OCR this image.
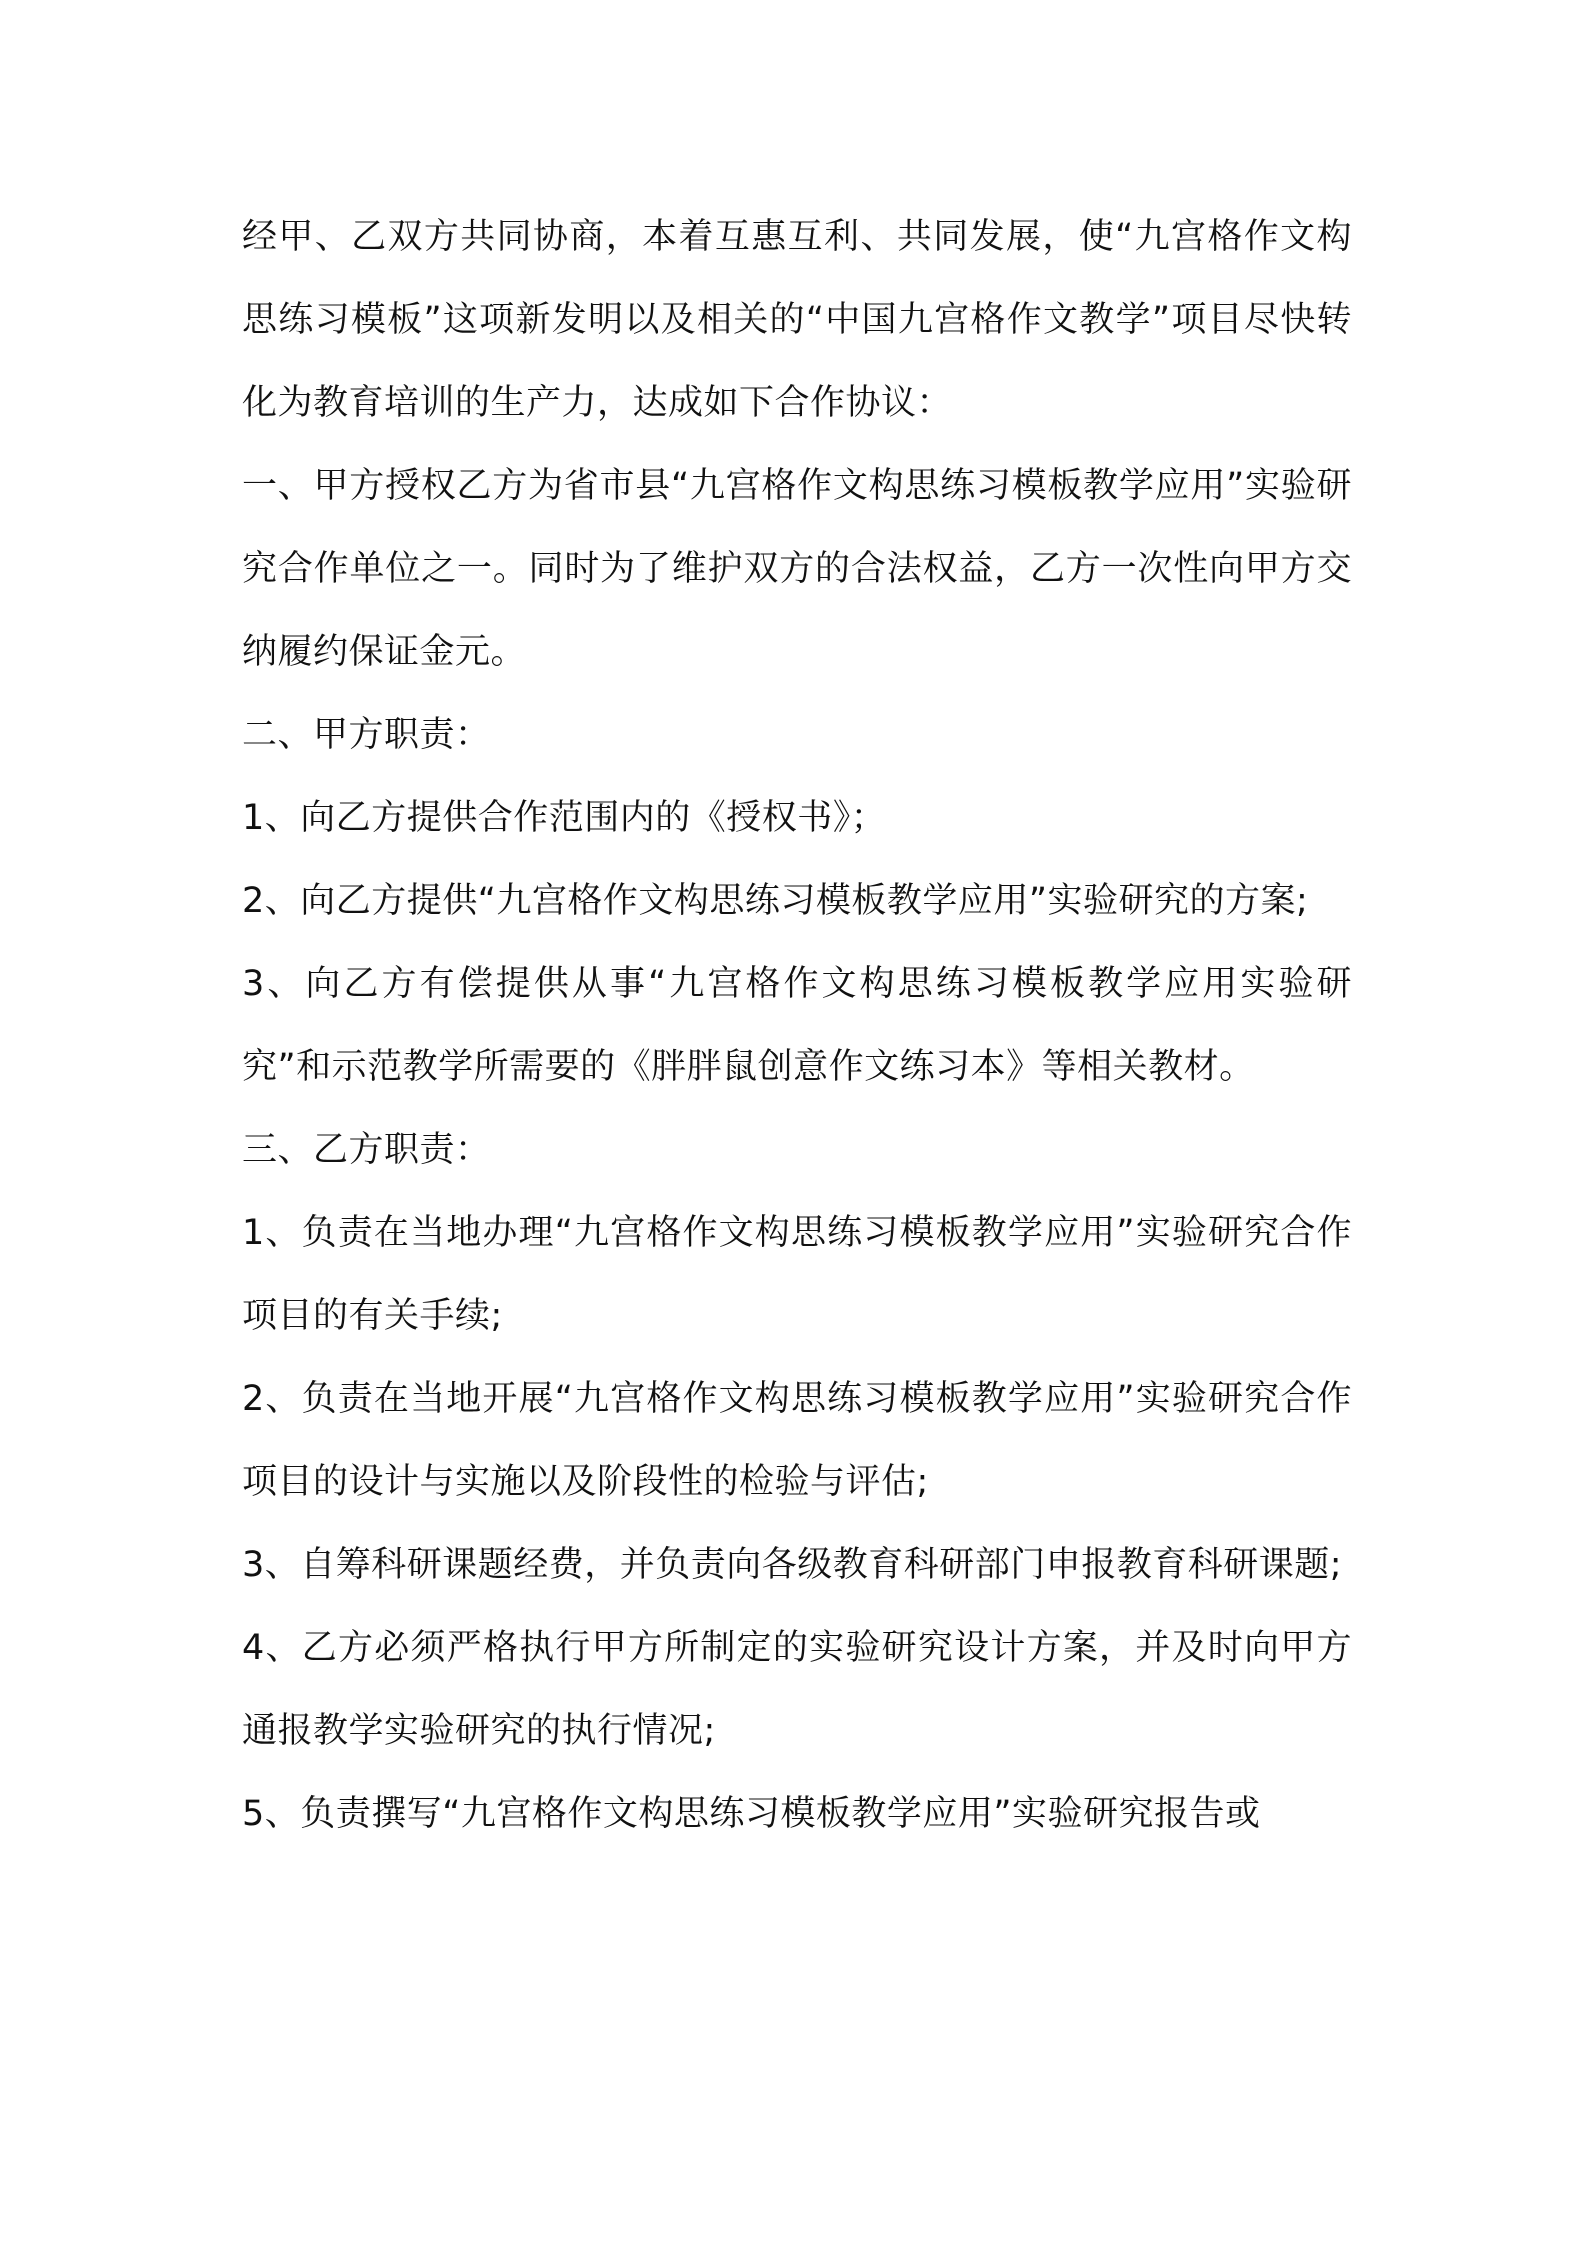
经甲、乙双方共同协商，本着互惠互利、共同发展，使“九宫格作文构思练习模板”这项新发明以及相关的“中国九宫格作文教学”项目尽快转化为教育培训的生产力，达成如下合作协议：

一、甲方授权乙方为省市县“九宫格作文构思练习模板教学应用”实验研究合作单位之一。同时为了维护双方的合法权益，乙方一次性向甲方交纳履约保证金元。

二、甲方职责：

1、向乙方提供合作范围内的《授权书》；

2、向乙方提供“九宫格作文构思练习模板教学应用”实验研究的方案;

3、向乙方有偿提供从事“九宫格作文构思练习模板教学应用实验研究”和示范教学所需要的《胖胖鼠创意作文练习本》等相关教材。

三、乙方职责：

1、负责在当地办理“九宫格作文构思练习模板教学应用”实验研究合作项目的有关手续;

2、负责在当地开展“九宫格作文构思练习模板教学应用”实验研究合作项目的设计与实施以及阶段性的检验与评估;

3、自筹科研课题经费，并负责向各级教育科研部门申报教育科研课题;

4、乙方必须严格执行甲方所制定的实验研究设计方案，并及时向甲方通报教学实验研究的执行情况;

5、负责撰写“九宫格作文构思练习模板教学应用”实验研究报告或
